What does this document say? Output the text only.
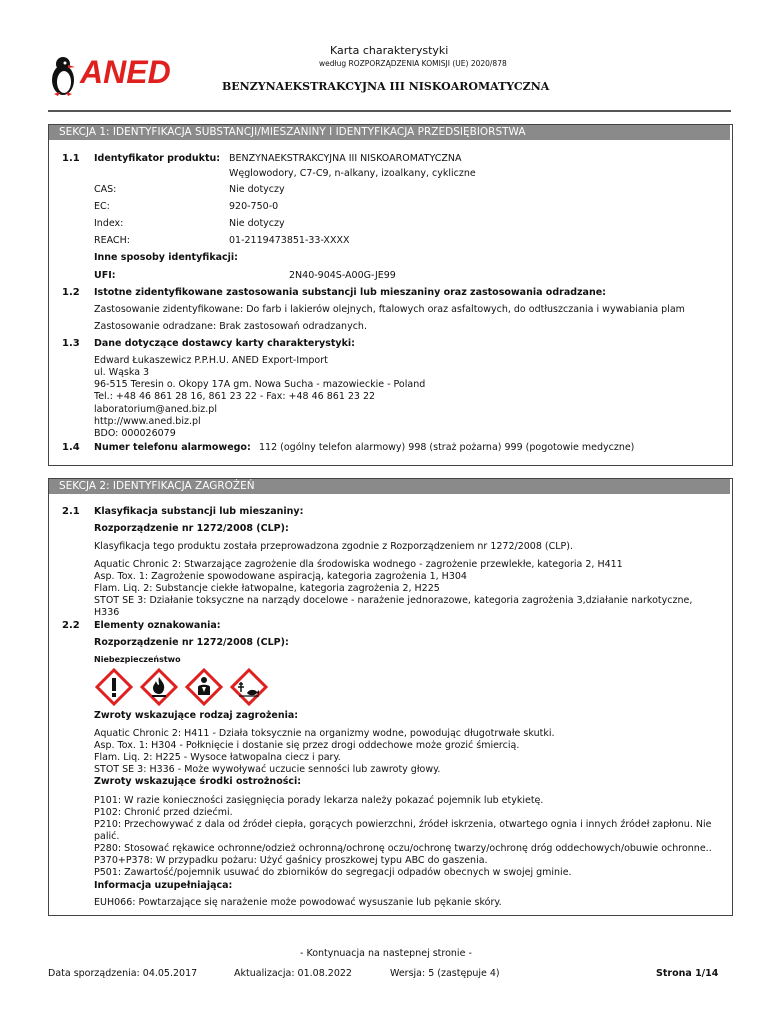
ANED
Karta charakterystyki
według ROZPORZĄDZENIA KOMISJI (UE) 2020/878
BENZYNAEKSTRAKCYJNA III NISKOAROMATYCZNA
SEKCJA 1: IDENTYFIKACJA SUBSTANCJI/MIESZANINY I IDENTYFIKACJA PRZEDSIĘBIORSTWA
1.1 Identyfikator produktu: BENZYNAEKSTRAKCYJNA III NISKOAROMATYCZNA
Węglowodory, C7-C9, n-alkany, izoalkany, cykliczne
CAS:	Nie dotyczy
EC:	920-750-0
Index:	Nie dotyczy
REACH:	01-2119473851-33-XXXX
Inne sposoby identyfikacji:
UFI:	2N40-904S-A00G-JE99
1.2 Istotne zidentyfikowane zastosowania substancji lub mieszaniny oraz zastosowania odradzane:
Zastosowanie zidentyfikowane: Do farb i lakierów olejnych, ftalowych oraz asfaltowych, do odtłuszczania i wywabiania plam
Zastosowanie odradzane: Brak zastosowań odradzanych.
1.3 Dane dotyczące dostawcy karty charakterystyki:
Edward Łukaszewicz P.P.H.U. ANED Export-Import
ul. Wąska 3
96-515 Teresin o. Okopy 17A gm. Nowa Sucha - mazowieckie - Poland
Tel.: +48 46 861 28 16, 861 23 22 - Fax: +48 46 861 23 22
laboratorium@aned.biz.pl
http://www.aned.biz.pl
BDO: 000026079
1.4 Numer telefonu alarmowego: 112 (ogólny telefon alarmowy) 998 (straż pożarna) 999 (pogotowie medyczne)
SEKCJA 2: IDENTYFIKACJA ZAGROŻEŃ
2.1 Klasyfikacja substancji lub mieszaniny:
Rozporządzenie nr 1272/2008 (CLP):
Klasyfikacja tego produktu została przeprowadzona zgodnie z Rozporządzeniem nr 1272/2008 (CLP).
Aquatic Chronic 2: Stwarzające zagrożenie dla środowiska wodnego - zagrożenie przewlekłe, kategoria 2, H411
Asp. Tox. 1: Zagrożenie spowodowane aspiracją, kategoria zagrożenia 1, H304
Flam. Liq. 2: Substancje ciekłe łatwopalne, kategoria zagrożenia 2, H225
STOT SE 3: Działanie toksyczne na narządy docelowe - narażenie jednorazowe, kategoria zagrożenia 3,działanie narkotyczne,
H336
2.2 Elementy oznakowania:
Rozporządzenie nr 1272/2008 (CLP):
Niebezpieczeństwo
Zwroty wskazujące rodzaj zagrożenia:
Aquatic Chronic 2: H411 - Działa toksycznie na organizmy wodne, powodując długotrwałe skutki.
Asp. Tox. 1: H304 - Połknięcie i dostanie się przez drogi oddechowe może grozić śmiercią.
Flam. Liq. 2: H225 - Wysoce łatwopalna ciecz i pary.
STOT SE 3: H336 - Może wywoływać uczucie senności lub zawroty głowy.
Zwroty wskazujące środki ostrożności:
P101: W razie konieczności zasięgnięcia porady lekarza należy pokazać pojemnik lub etykietę.
P102: Chronić przed dziećmi.
P210: Przechowywać z dala od źródeł ciepła, gorących powierzchni, źródeł iskrzenia, otwartego ognia i innych źródeł zapłonu. Nie
palić.
P280: Stosować rękawice ochronne/odzież ochronną/ochronę oczu/ochronę twarzy/ochronę dróg oddechowych/obuwie ochronne..
P370+P378: W przypadku pożaru: Użyć gaśnicy proszkowej typu ABC do gaszenia.
P501: Zawartość/pojemnik usuwać do zbiorników do segregacji odpadów obecnych w swojej gminie.
Informacja uzupełniająca:
EUH066: Powtarzające się narażenie może powodować wysuszanie lub pękanie skóry.
- Kontynuacja na nastepnej stronie -
Data sporządzenia: 04.05.2017	Aktualizacja: 01.08.2022	Wersja: 5 (zastępuje 4)	Strona 1/14
